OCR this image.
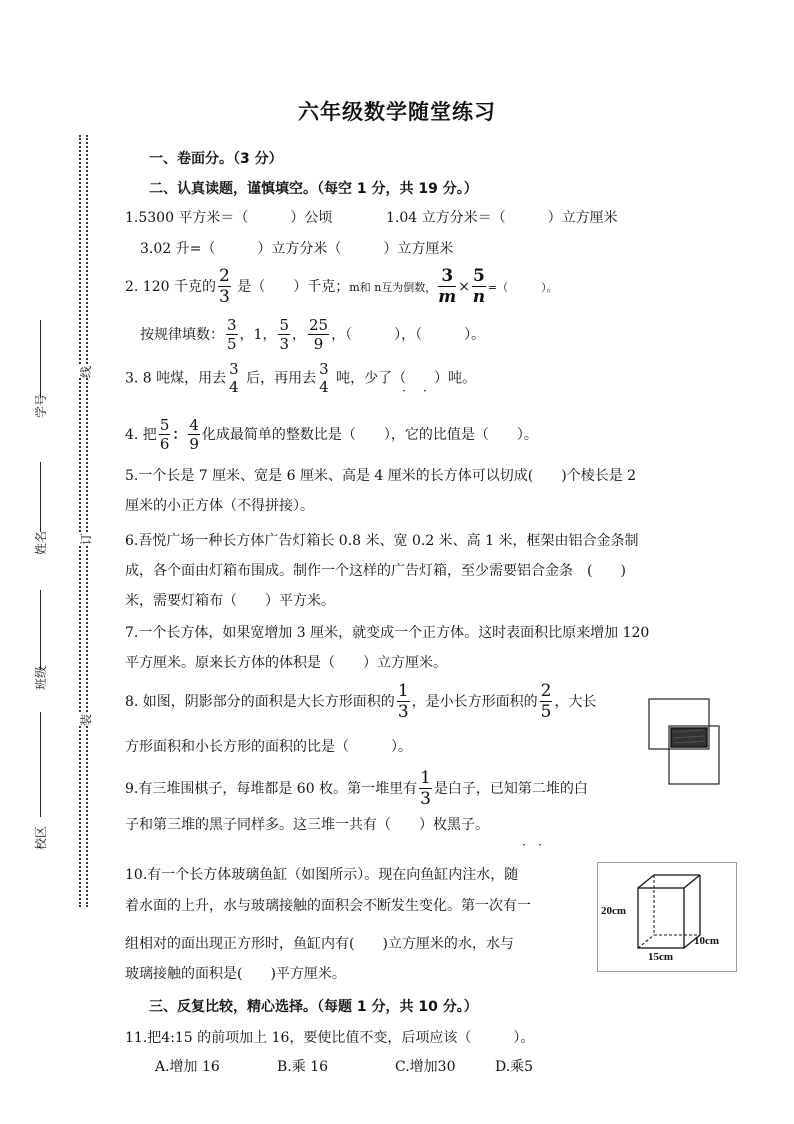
六年级数学随堂练习
学号
姓名
班级
校区
线
订
装
一、卷面分。（3 分）
二、认真读题，谨慎填空。（每空 1 分，共 19 分。）
1.5300 平方米＝（　　　）公顷	1.04 立方分米＝（　　　）立方厘米
3.02 升=（　　　）立方分米（　　　）立方厘米
2. 120 千克的 $\frac{2}{3}$ 是（　　）千克；m和 n互为倒数， $\frac{3}{m} \times \frac{5}{n}$ =（　　　）。
按规律填数： $\frac{3}{5}$ ，1， $\frac{5}{3}$ ， $\frac{25}{9}$ ，（　　　），（　　　）。
3. 8 吨煤，用去
3
4 后，再用去
3
4 吨，少了（　　）吨。
· ·
4. 把 $\frac{5}{6}$ ： $\frac{4}{9}$ 化成最简单的整数比是（　　），它的比值是（　　）。
5.一个长是 7 厘米、宽是 6 厘米、高是 4 厘米的长方体可以切成(　　)个棱长是 2
厘米的小正方体（不得拼接）。
6.吾悦广场一种长方体广告灯箱长 0.8 米、宽 0.2 米、高 1 米，框架由铝合金条制
成，各个面由灯箱布围成。制作一个这样的广告灯箱，至少需要铝合金条　(　　)
米，需要灯箱布（　　）平方米。
7.一个长方体，如果宽增加 3 厘米，就变成一个正方体。这时表面积比原来增加 120
平方厘米。原来长方体的体积是（　　）立方厘米。
8. 如图，阴影部分的面积是大长方形面积的 $\frac{1}{3}$ ，是小长方形面积的 $\frac{2}{5}$ ，大长
方形面积和小长方形的面积的比是（　　　）。
9.有三堆围棋子，每堆都是 60 枚。第一堆里有 $\frac{1}{3}$ 是白子，已知第二堆的白
子和第三堆的黑子同样多。这三堆一共有（　　）枚黑子。
· ·
10.有一个长方体玻璃鱼缸（如图所示）。现在向鱼缸内注水，随
着水面的上升，水与玻璃接触的面积会不断发生变化。第一次有一
组相对的面出现正方形时，鱼缸内有(　　)立方厘米的水，水与
玻璃接触的面积是(　　)平方厘米。
20cm
10cm
15cm
三、反复比较，精心选择。（每题 1 分，共 10 分。）
11.把4:15 的前项加上 16，要使比值不变，后项应该（　　　）。
A.增加 16	B.乘 16	C.增加30	D.乘5
